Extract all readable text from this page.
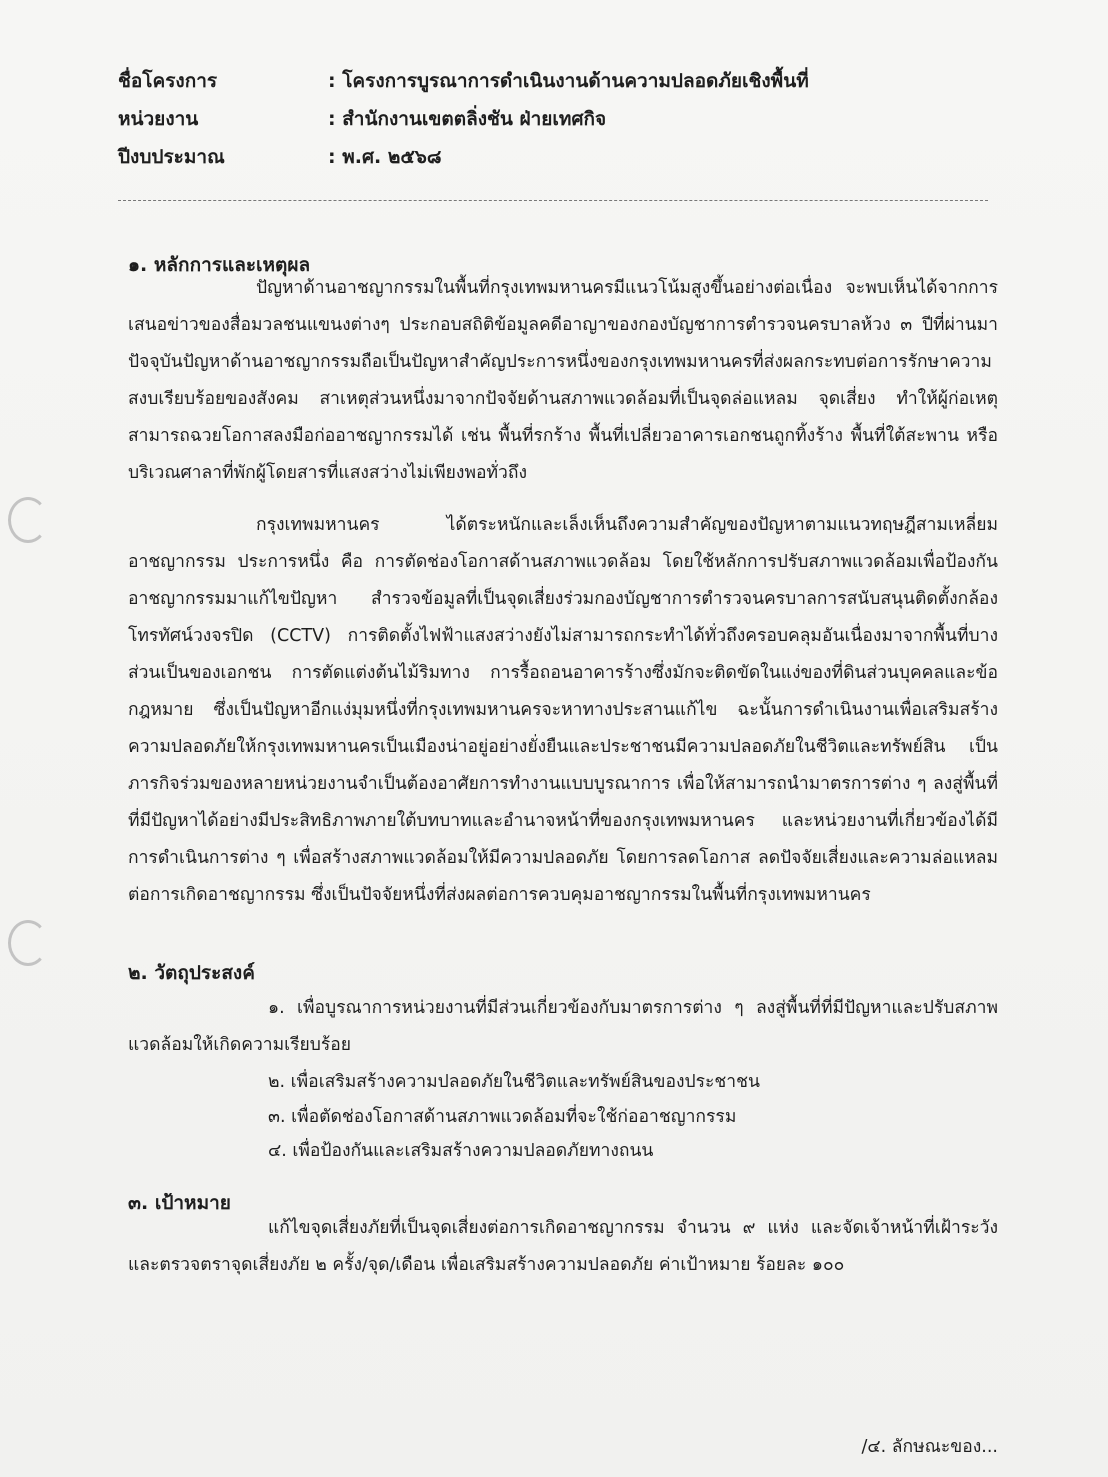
ชื่อโครงการ	: โครงการบูรณาการดำเนินงานด้านความปลอดภัยเชิงพื้นที่
หน่วยงาน	: สำนักงานเขตตลิ่งชัน ฝ่ายเทศกิจ
ปีงบประมาณ	: พ.ศ. ๒๕๖๘
๑. หลักการและเหตุผล

ปัญหาด้านอาชญากรรมในพื้นที่กรุงเทพมหานครมีแนวโน้มสูงขึ้นอย่างต่อเนื่อง จะพบเห็นได้จากการเสนอข่าวของสื่อมวลชนแขนงต่างๆ ประกอบสถิติข้อมูลคดีอาญาของกองบัญชาการตำรวจนครบาลห้วง ๓ ปีที่ผ่านมา ปัจจุบันปัญหาด้านอาชญากรรมถือเป็นปัญหาสำคัญประการหนึ่งของกรุงเทพมหานครที่ส่งผลกระทบต่อการรักษาความสงบเรียบร้อยของสังคม สาเหตุส่วนหนึ่งมาจากปัจจัยด้านสภาพแวดล้อมที่เป็นจุดล่อแหลม จุดเสี่ยง ทำให้ผู้ก่อเหตุสามารถฉวยโอกาสลงมือก่ออาชญากรรมได้ เช่น พื้นที่รกร้าง พื้นที่เปลี่ยวอาคารเอกชนถูกทิ้งร้าง พื้นที่ใต้สะพาน หรือบริเวณศาลาที่พักผู้โดยสารที่แสงสว่างไม่เพียงพอทั่วถึง

กรุงเทพมหานคร ได้ตระหนักและเล็งเห็นถึงความสำคัญของปัญหาตามแนวทฤษฎีสามเหลี่ยมอาชญากรรม ประการหนึ่ง คือ การตัดช่องโอกาสด้านสภาพแวดล้อม โดยใช้หลักการปรับสภาพแวดล้อมเพื่อป้องกันอาชญากรรมมาแก้ไขปัญหา สำรวจข้อมูลที่เป็นจุดเสี่ยงร่วมกองบัญชาการตำรวจนครบาลการสนับสนุนติดตั้งกล้องโทรทัศน์วงจรปิด (CCTV) การติดตั้งไฟฟ้าแสงสว่างยังไม่สามารถกระทำได้ทั่วถึงครอบคลุมอันเนื่องมาจากพื้นที่บางส่วนเป็นของเอกชน การตัดแต่งต้นไม้ริมทาง การรื้อถอนอาคารร้างซึ่งมักจะติดขัดในแง่ของที่ดินส่วนบุคคลและข้อกฎหมาย ซึ่งเป็นปัญหาอีกแง่มุมหนึ่งที่กรุงเทพมหานครจะหาทางประสานแก้ไข ฉะนั้นการดำเนินงานเพื่อเสริมสร้างความปลอดภัยให้กรุงเทพมหานครเป็นเมืองน่าอยู่อย่างยั่งยืนและประชาชนมีความปลอดภัยในชีวิตและทรัพย์สิน เป็นภารกิจร่วมของหลายหน่วยงานจำเป็นต้องอาศัยการทำงานแบบบูรณาการ เพื่อให้สามารถนำมาตรการต่าง ๆ ลงสู่พื้นที่ที่มีปัญหาได้อย่างมีประสิทธิภาพภายใต้บทบาทและอำนาจหน้าที่ของกรุงเทพมหานคร และหน่วยงานที่เกี่ยวข้องได้มีการดำเนินการต่าง ๆ เพื่อสร้างสภาพแวดล้อมให้มีความปลอดภัย โดยการลดโอกาส ลดปัจจัยเสี่ยงและความล่อแหลมต่อการเกิดอาชญากรรม ซึ่งเป็นปัจจัยหนึ่งที่ส่งผลต่อการควบคุมอาชญากรรมในพื้นที่กรุงเทพมหานคร

๒. วัตถุประสงค์

๑. เพื่อบูรณาการหน่วยงานที่มีส่วนเกี่ยวข้องกับมาตรการต่าง ๆ ลงสู่พื้นที่ที่มีปัญหาและปรับสภาพแวดล้อมให้เกิดความเรียบร้อย

๒. เพื่อเสริมสร้างความปลอดภัยในชีวิตและทรัพย์สินของประชาชน
๓. เพื่อตัดช่องโอกาสด้านสภาพแวดล้อมที่จะใช้ก่ออาชญากรรม
๔. เพื่อป้องกันและเสริมสร้างความปลอดภัยทางถนน
๓. เป้าหมาย

แก้ไขจุดเสี่ยงภัยที่เป็นจุดเสี่ยงต่อการเกิดอาชญากรรม จำนวน ๙ แห่ง และจัดเจ้าหน้าที่เฝ้าระวังและตรวจตราจุดเสี่ยงภัย ๒ ครั้ง/จุด/เดือน เพื่อเสริมสร้างความปลอดภัย ค่าเป้าหมาย ร้อยละ ๑๐๐

/๔. ลักษณะของ...
